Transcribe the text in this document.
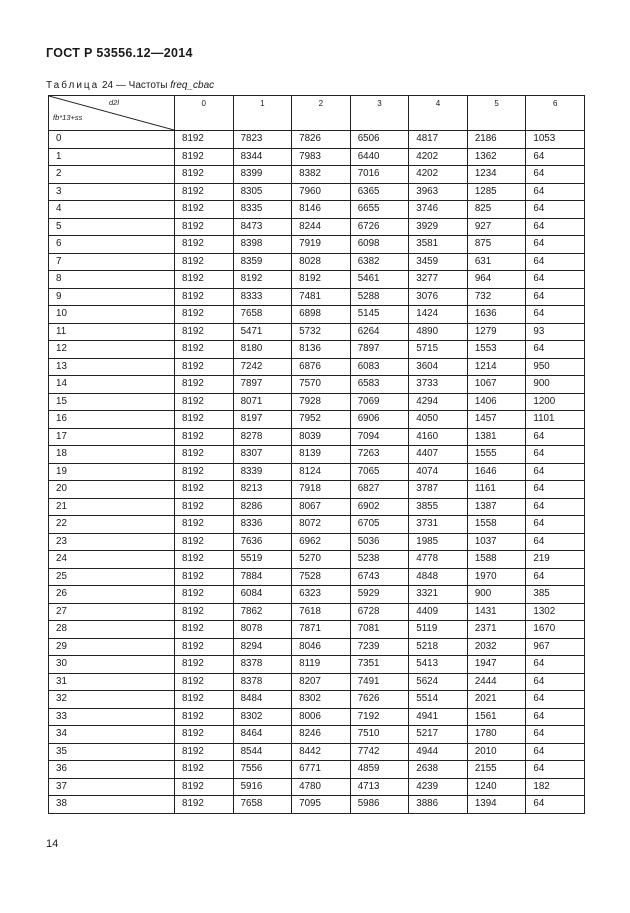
ГОСТ Р 53556.12—2014
Таблица 24 — Частоты freq_cbac
d2l
fb*13+ss	0	1	2	3	4	5	6
0	8192	7823	7826	6506	4817	2186	1053
1	8192	8344	7983	6440	4202	1362	64
2	8192	8399	8382	7016	4202	1234	64
3	8192	8305	7960	6365	3963	1285	64
4	8192	8335	8146	6655	3746	825	64
5	8192	8473	8244	6726	3929	927	64
6	8192	8398	7919	6098	3581	875	64
7	8192	8359	8028	6382	3459	631	64
8	8192	8192	8192	5461	3277	964	64
9	8192	8333	7481	5288	3076	732	64
10	8192	7658	6898	5145	1424	1636	64
11	8192	5471	5732	6264	4890	1279	93
12	8192	8180	8136	7897	5715	1553	64
13	8192	7242	6876	6083	3604	1214	950
14	8192	7897	7570	6583	3733	1067	900
15	8192	8071	7928	7069	4294	1406	1200
16	8192	8197	7952	6906	4050	1457	1101
17	8192	8278	8039	7094	4160	1381	64
18	8192	8307	8139	7263	4407	1555	64
19	8192	8339	8124	7065	4074	1646	64
20	8192	8213	7918	6827	3787	1161	64
21	8192	8286	8067	6902	3855	1387	64
22	8192	8336	8072	6705	3731	1558	64
23	8192	7636	6962	5036	1985	1037	64
24	8192	5519	5270	5238	4778	1588	219
25	8192	7884	7528	6743	4848	1970	64
26	8192	6084	6323	5929	3321	900	385
27	8192	7862	7618	6728	4409	1431	1302
28	8192	8078	7871	7081	5119	2371	1670
29	8192	8294	8046	7239	5218	2032	967
30	8192	8378	8119	7351	5413	1947	64
31	8192	8378	8207	7491	5624	2444	64
32	8192	8484	8302	7626	5514	2021	64
33	8192	8302	8006	7192	4941	1561	64
34	8192	8464	8246	7510	5217	1780	64
35	8192	8544	8442	7742	4944	2010	64
36	8192	7556	6771	4859	2638	2155	64
37	8192	5916	4780	4713	4239	1240	182
38	8192	7658	7095	5986	3886	1394	64
14
